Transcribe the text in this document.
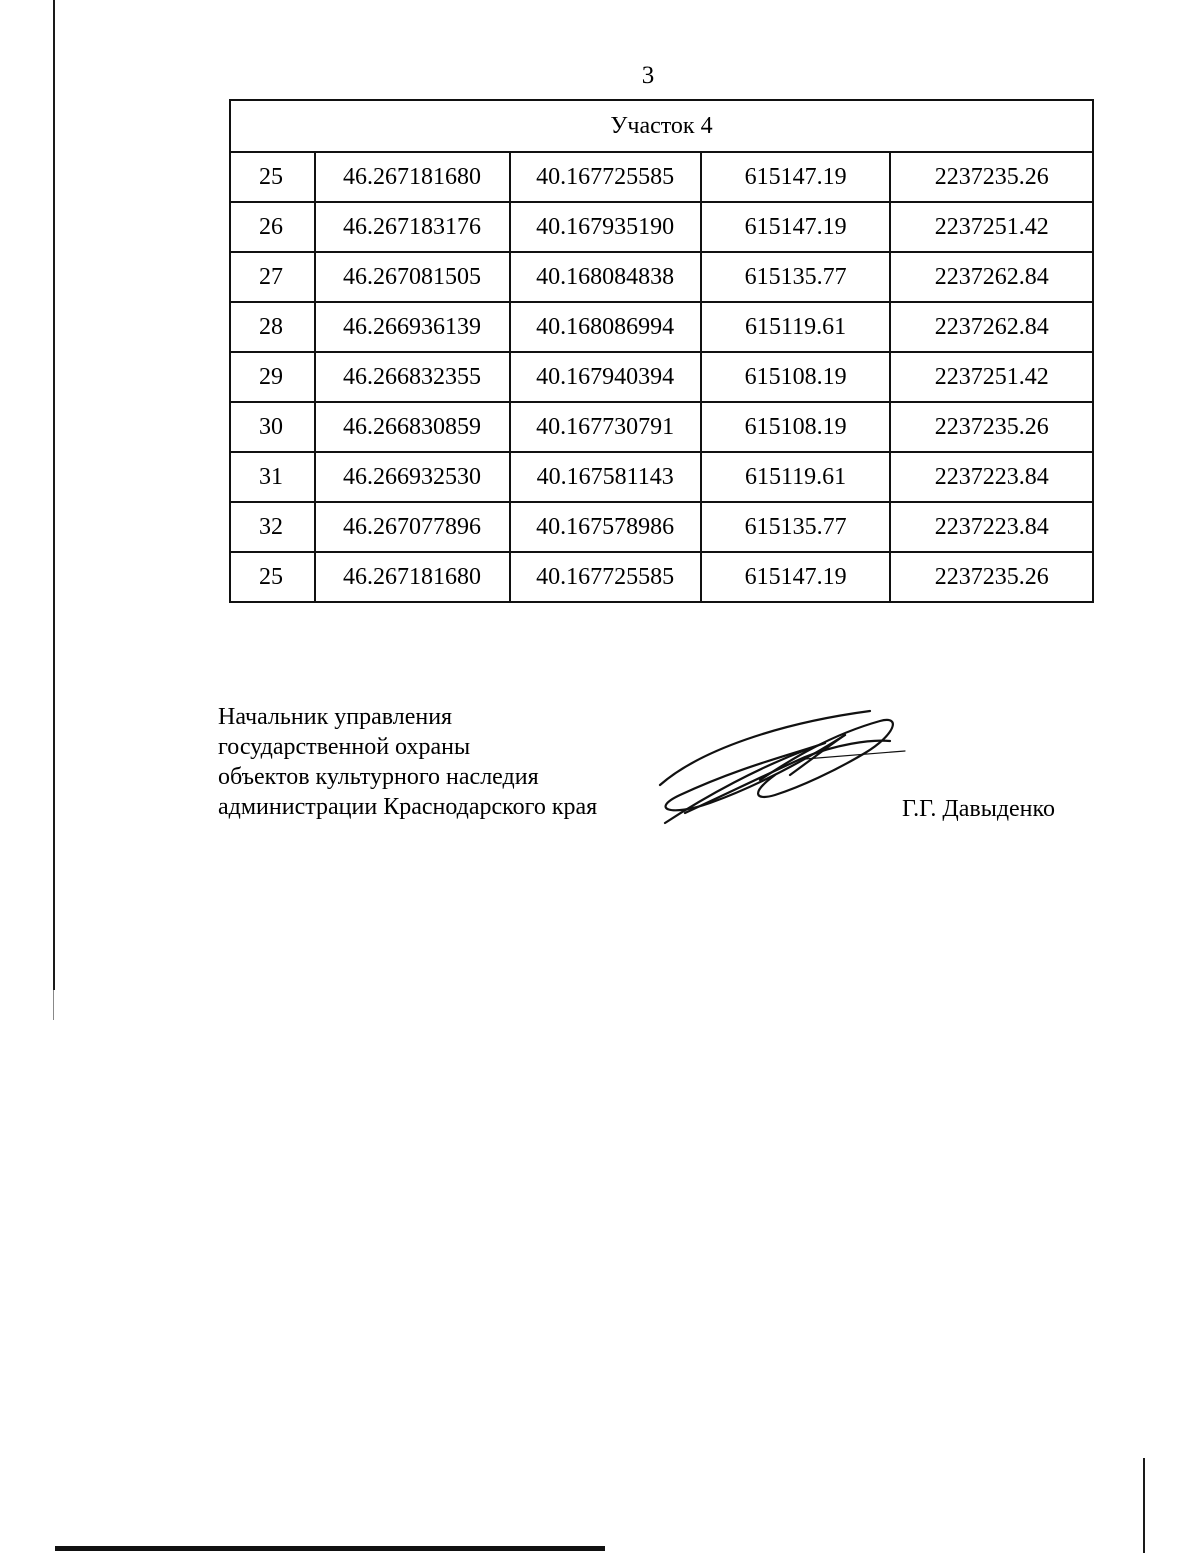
3
Участок 4				
25	46.267181680	40.167725585	615147.19	2237235.26
26	46.267183176	40.167935190	615147.19	2237251.42
27	46.267081505	40.168084838	615135.77	2237262.84
28	46.266936139	40.168086994	615119.61	2237262.84
29	46.266832355	40.167940394	615108.19	2237251.42
30	46.266830859	40.167730791	615108.19	2237235.26
31	46.266932530	40.167581143	615119.61	2237223.84
32	46.267077896	40.167578986	615135.77	2237223.84
25	46.267181680	40.167725585	615147.19	2237235.26
Начальник управления
государственной охраны
объектов культурного наследия
администрации Краснодарского края	Г.Г. Давыденко
